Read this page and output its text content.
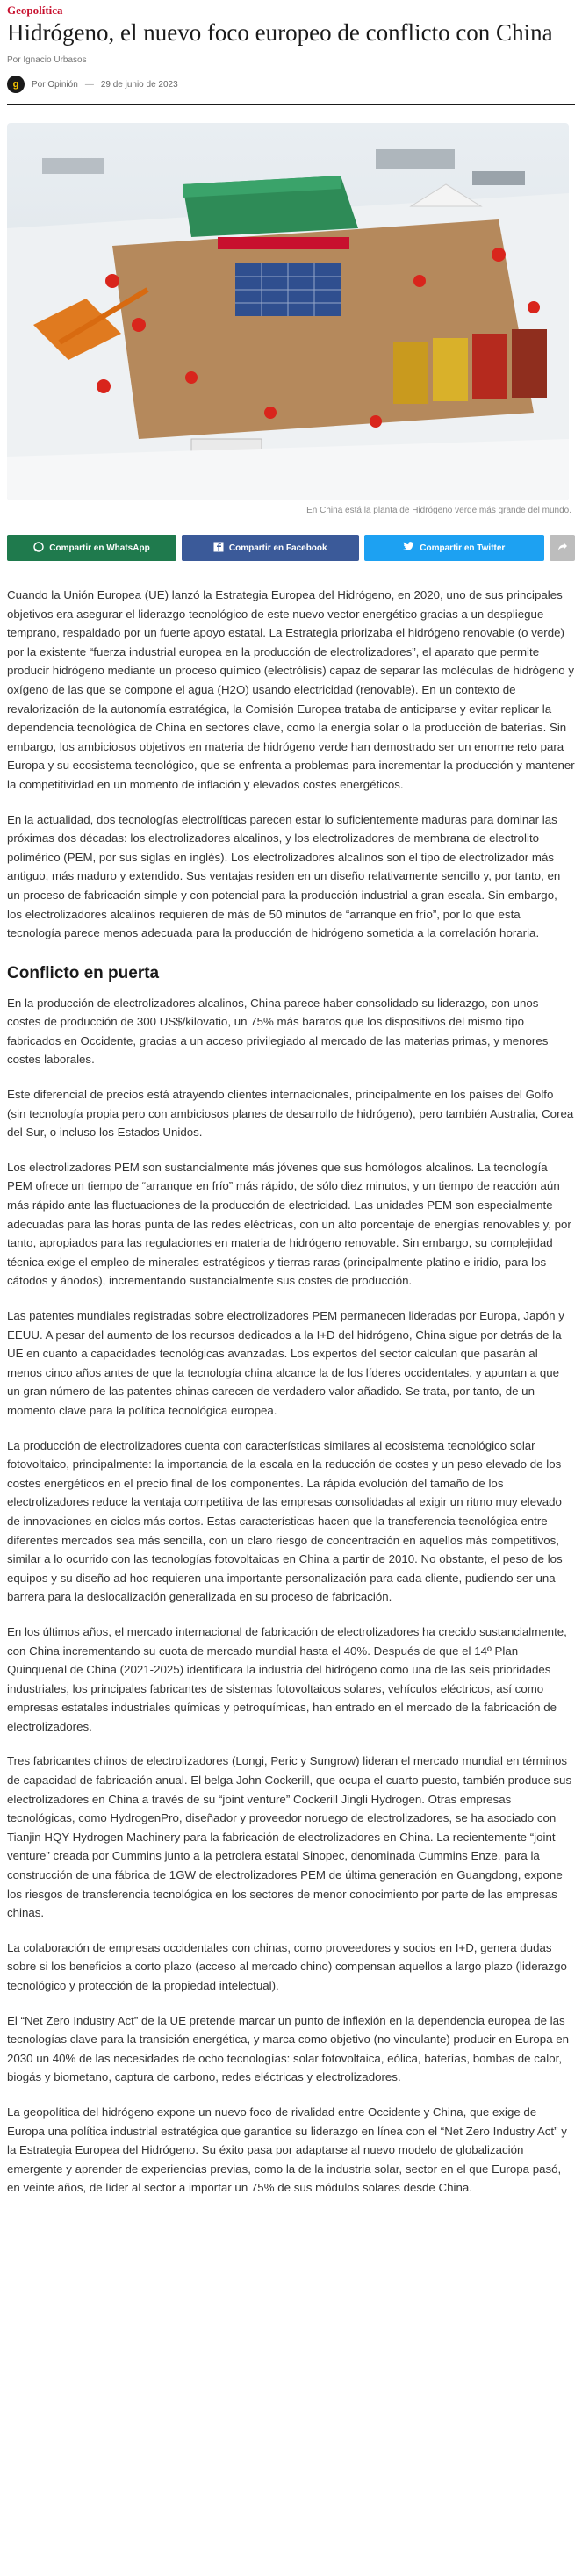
Geopolítica
Hidrógeno, el nuevo foco europeo de conflicto con China
Por Ignacio Urbasos
g	Por Opinión — 29 de junio de 2023
En China está la planta de Hidrógeno verde más grande del mundo.
Compartir en WhatsApp	Compartir en Facebook	Compartir en Twitter

Cuando la Unión Europea (UE) lanzó la Estrategia Europea del Hidrógeno, en 2020, uno de sus principales objetivos era asegurar el liderazgo tecnológico de este nuevo vector energético gracias a un despliegue temprano, respaldado por un fuerte apoyo estatal. La Estrategia priorizaba el hidrógeno renovable (o verde) por la existente “fuerza industrial europea en la producción de electrolizadores”, el aparato que permite producir hidrógeno mediante un proceso químico (electrólisis) capaz de separar las moléculas de hidrógeno y oxígeno de las que se compone el agua (H2O) usando electricidad (renovable). En un contexto de revalorización de la autonomía estratégica, la Comisión Europea trataba de anticiparse y evitar replicar la dependencia tecnológica de China en sectores clave, como la energía solar o la producción de baterías. Sin embargo, los ambiciosos objetivos en materia de hidrógeno verde han demostrado ser un enorme reto para Europa y su ecosistema tecnológico, que se enfrenta a problemas para incrementar la producción y mantener la competitividad en un momento de inflación y elevados costes energéticos.

En la actualidad, dos tecnologías electrolíticas parecen estar lo suficientemente maduras para dominar las próximas dos décadas: los electrolizadores alcalinos, y los electrolizadores de membrana de electrolito polimérico (PEM, por sus siglas en inglés). Los electrolizadores alcalinos son el tipo de electrolizador más antiguo, más maduro y extendido. Sus ventajas residen en un diseño relativamente sencillo y, por tanto, en un proceso de fabricación simple y con potencial para la producción industrial a gran escala. Sin embargo, los electrolizadores alcalinos requieren de más de 50 minutos de “arranque en frío”, por lo que esta tecnología parece menos adecuada para la producción de hidrógeno sometida a la correlación horaria.

Conflicto en puerta

En la producción de electrolizadores alcalinos, China parece haber consolidado su liderazgo, con unos costes de producción de 300 US$/kilovatio, un 75% más baratos que los dispositivos del mismo tipo fabricados en Occidente, gracias a un acceso privilegiado al mercado de las materias primas, y menores costes laborales.

Este diferencial de precios está atrayendo clientes internacionales, principalmente en los países del Golfo (sin tecnología propia pero con ambiciosos planes de desarrollo de hidrógeno), pero también Australia, Corea del Sur, o incluso los Estados Unidos.

Los electrolizadores PEM son sustancialmente más jóvenes que sus homólogos alcalinos. La tecnología PEM ofrece un tiempo de “arranque en frío” más rápido, de sólo diez minutos, y un tiempo de reacción aún más rápido ante las fluctuaciones de la producción de electricidad. Las unidades PEM son especialmente adecuadas para las horas punta de las redes eléctricas, con un alto porcentaje de energías renovables y, por tanto, apropiados para las regulaciones en materia de hidrógeno renovable. Sin embargo, su complejidad técnica exige el empleo de minerales estratégicos y tierras raras (principalmente platino e iridio, para los cátodos y ánodos), incrementando sustancialmente sus costes de producción.

Las patentes mundiales registradas sobre electrolizadores PEM permanecen lideradas por Europa, Japón y EEUU. A pesar del aumento de los recursos dedicados a la I+D del hidrógeno, China sigue por detrás de la UE en cuanto a capacidades tecnológicas avanzadas. Los expertos del sector calculan que pasarán al menos cinco años antes de que la tecnología china alcance la de los líderes occidentales, y apuntan a que un gran número de las patentes chinas carecen de verdadero valor añadido. Se trata, por tanto, de un momento clave para la política tecnológica europea.

La producción de electrolizadores cuenta con características similares al ecosistema tecnológico solar fotovoltaico, principalmente: la importancia de la escala en la reducción de costes y un peso elevado de los costes energéticos en el precio final de los componentes. La rápida evolución del tamaño de los electrolizadores reduce la ventaja competitiva de las empresas consolidadas al exigir un ritmo muy elevado de innovaciones en ciclos más cortos. Estas características hacen que la transferencia tecnológica entre diferentes mercados sea más sencilla, con un claro riesgo de concentración en aquellos más competitivos, similar a lo ocurrido con las tecnologías fotovoltaicas en China a partir de 2010. No obstante, el peso de los equipos y su diseño ad hoc requieren una importante personalización para cada cliente, pudiendo ser una barrera para la deslocalización generalizada en su proceso de fabricación.

En los últimos años, el mercado internacional de fabricación de electrolizadores ha crecido sustancialmente, con China incrementando su cuota de mercado mundial hasta el 40%. Después de que el 14º Plan Quinquenal de China (2021-2025) identificara la industria del hidrógeno como una de las seis prioridades industriales, los principales fabricantes de sistemas fotovoltaicos solares, vehículos eléctricos, así como empresas estatales industriales químicas y petroquímicas, han entrado en el mercado de la fabricación de electrolizadores.

Tres fabricantes chinos de electrolizadores (Longi, Peric y Sungrow) lideran el mercado mundial en términos de capacidad de fabricación anual. El belga John Cockerill, que ocupa el cuarto puesto, también produce sus electrolizadores en China a través de su “joint venture” Cockerill Jingli Hydrogen. Otras empresas tecnológicas, como HydrogenPro, diseñador y proveedor noruego de electrolizadores, se ha asociado con Tianjin HQY Hydrogen Machinery para la fabricación de electrolizadores en China. La recientemente “joint venture” creada por Cummins junto a la petrolera estatal Sinopec, denominada Cummins Enze, para la construcción de una fábrica de 1GW de electrolizadores PEM de última generación en Guangdong, expone los riesgos de transferencia tecnológica en los sectores de menor conocimiento por parte de las empresas chinas.

La colaboración de empresas occidentales con chinas, como proveedores y socios en I+D, genera dudas sobre si los beneficios a corto plazo (acceso al mercado chino) compensan aquellos a largo plazo (liderazgo tecnológico y protección de la propiedad intelectual).

El “Net Zero Industry Act” de la UE pretende marcar un punto de inflexión en la dependencia europea de las tecnologías clave para la transición energética, y marca como objetivo (no vinculante) producir en Europa en 2030 un 40% de las necesidades de ocho tecnologías: solar fotovoltaica, eólica, baterías, bombas de calor, biogás y biometano, captura de carbono, redes eléctricas y electrolizadores.

La geopolítica del hidrógeno expone un nuevo foco de rivalidad entre Occidente y China, que exige de Europa una política industrial estratégica que garantice su liderazgo en línea con el “Net Zero Industry Act” y la Estrategia Europea del Hidrógeno. Su éxito pasa por adaptarse al nuevo modelo de globalización emergente y aprender de experiencias previas, como la de la industria solar, sector en el que Europa pasó, en veinte años, de líder al sector a importar un 75% de sus módulos solares desde China.
